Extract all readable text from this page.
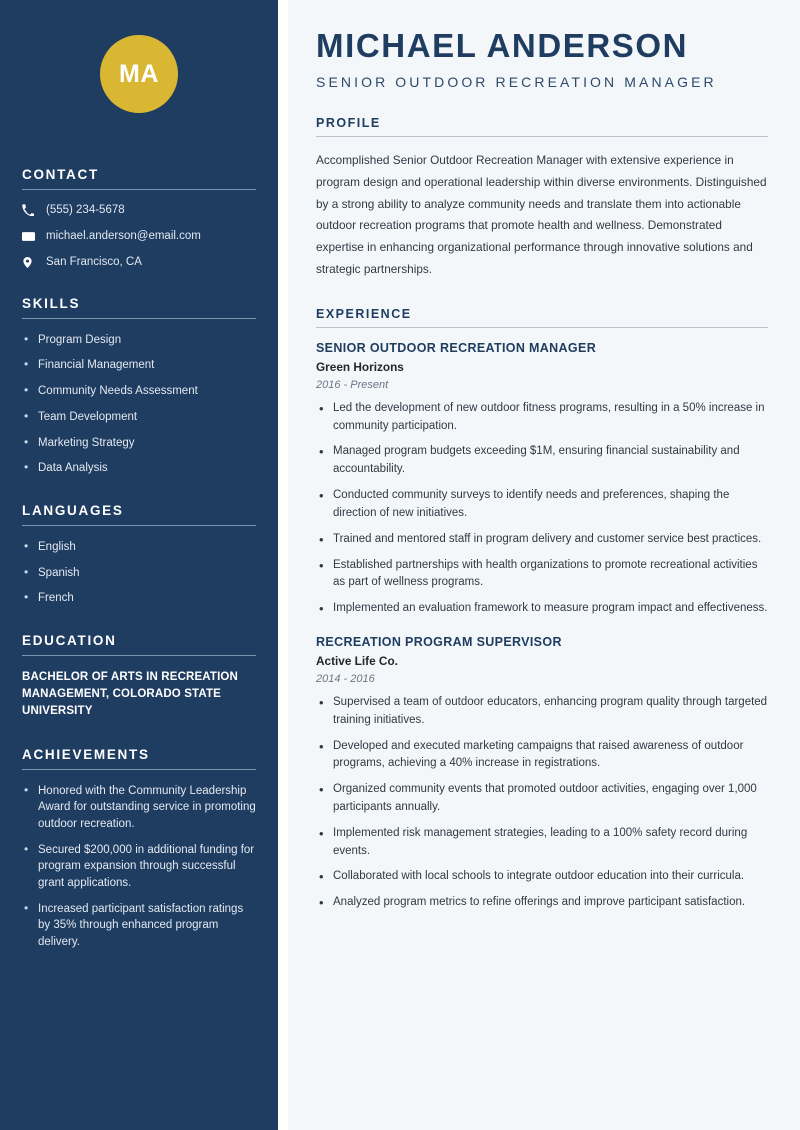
MA
CONTACT
(555) 234-5678
michael.anderson@email.com
San Francisco, CA
SKILLS
• Program Design
• Financial Management
• Community Needs Assessment
• Team Development
• Marketing Strategy
• Data Analysis
LANGUAGES
• English
• Spanish
• French
EDUCATION
BACHELOR OF ARTS IN RECREATION MANAGEMENT, COLORADO STATE UNIVERSITY
ACHIEVEMENTS
• Honored with the Community Leadership Award for outstanding service in promoting outdoor recreation.
• Secured $200,000 in additional funding for program expansion through successful grant applications.
• Increased participant satisfaction ratings by 35% through enhanced program delivery.
MICHAEL ANDERSON
SENIOR OUTDOOR RECREATION MANAGER
PROFILE

Accomplished Senior Outdoor Recreation Manager with extensive experience in program design and operational leadership within diverse environments. Distinguished by a strong ability to analyze community needs and translate them into actionable outdoor recreation programs that promote health and wellness. Demonstrated expertise in enhancing organizational performance through innovative solutions and strategic partnerships.

EXPERIENCE
SENIOR OUTDOOR RECREATION MANAGER
Green Horizons
2016 - Present
• Led the development of new outdoor fitness programs, resulting in a 50% increase in community participation.
• Managed program budgets exceeding $1M, ensuring financial sustainability and accountability.
• Conducted community surveys to identify needs and preferences, shaping the direction of new initiatives.
• Trained and mentored staff in program delivery and customer service best practices.
• Established partnerships with health organizations to promote recreational activities as part of wellness programs.
• Implemented an evaluation framework to measure program impact and effectiveness.
RECREATION PROGRAM SUPERVISOR
Active Life Co.
2014 - 2016
• Supervised a team of outdoor educators, enhancing program quality through targeted training initiatives.
• Developed and executed marketing campaigns that raised awareness of outdoor programs, achieving a 40% increase in registrations.
• Organized community events that promoted outdoor activities, engaging over 1,000 participants annually.
• Implemented risk management strategies, leading to a 100% safety record during events.
• Collaborated with local schools to integrate outdoor education into their curricula.
• Analyzed program metrics to refine offerings and improve participant satisfaction.
